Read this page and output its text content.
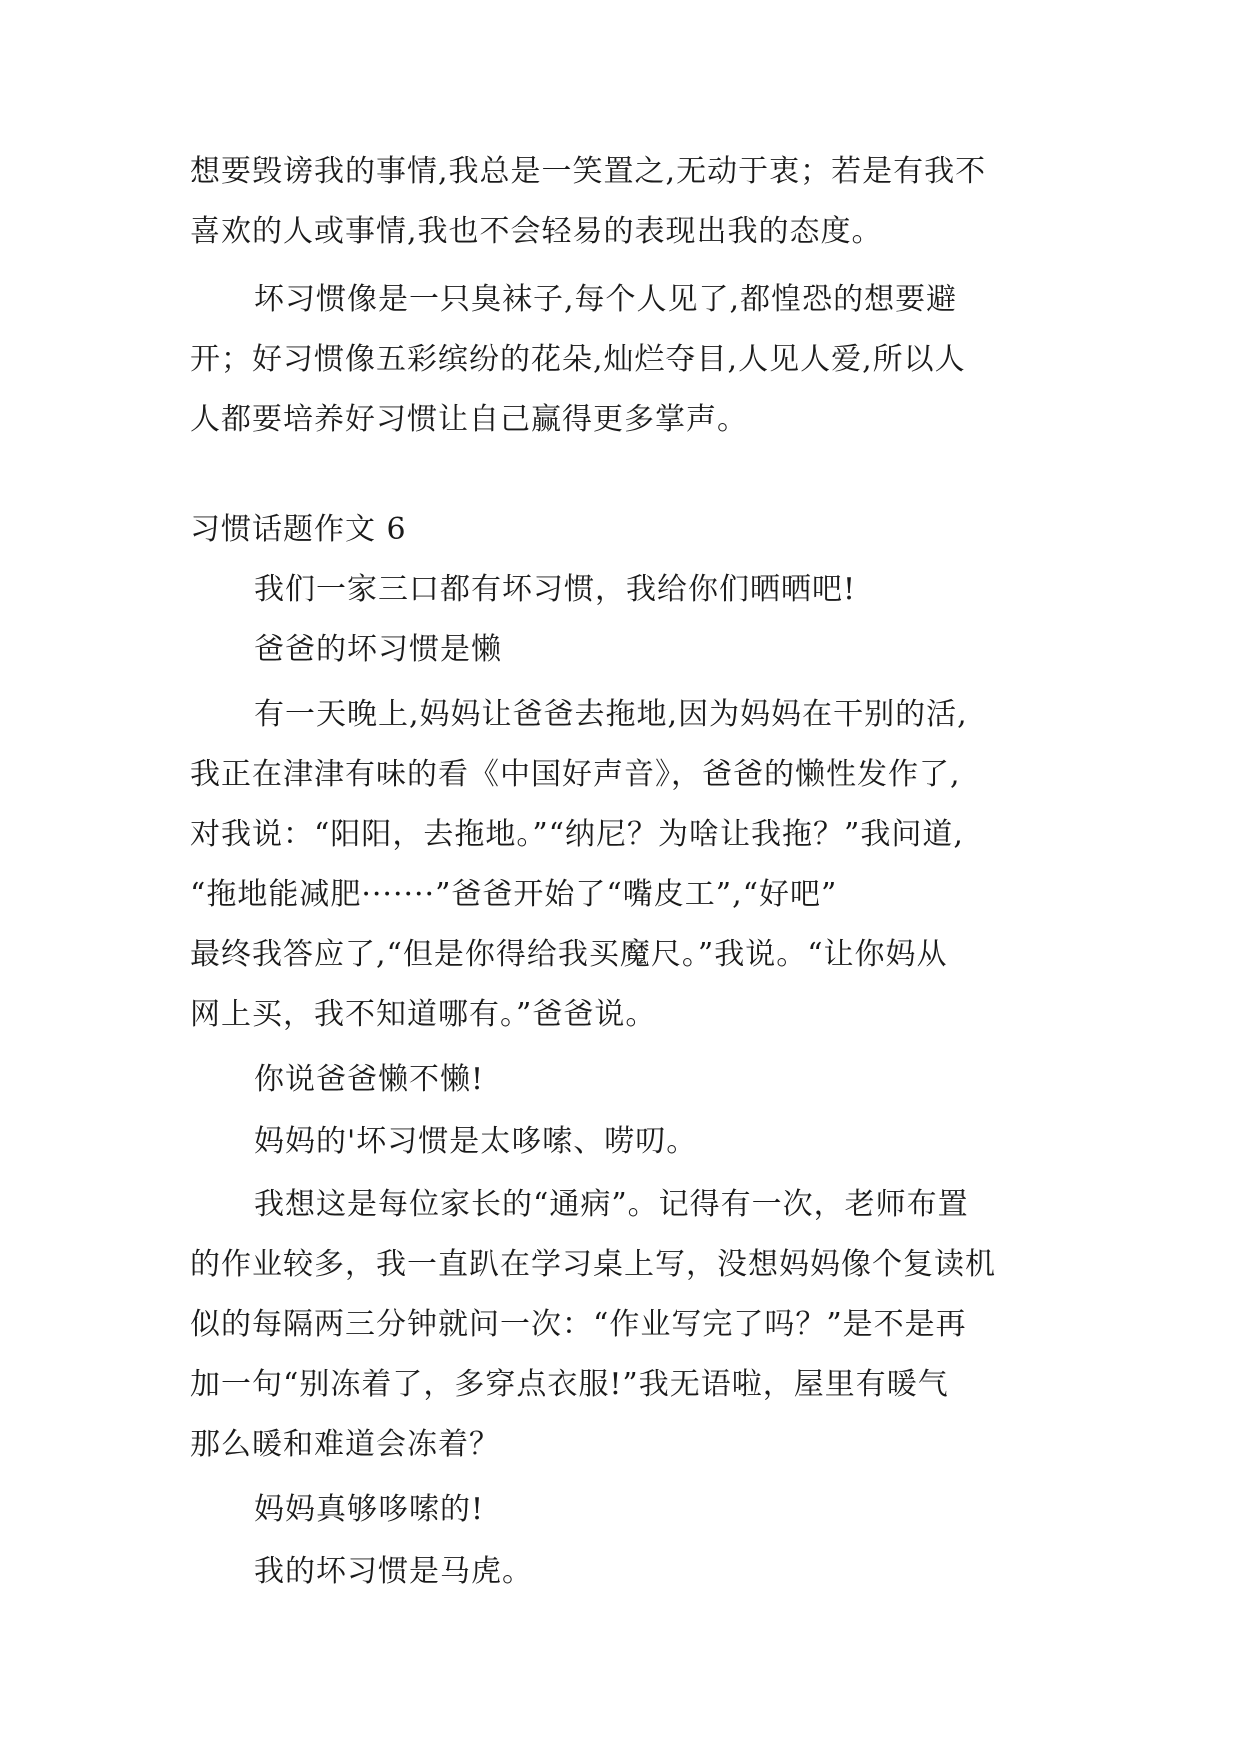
想要毁谤我的事情,我总是一笑置之,无动于衷；若是有我不
喜欢的人或事情,我也不会轻易的表现出我的态度。
坏习惯像是一只臭袜子,每个人见了,都惶恐的想要避
开；好习惯像五彩缤纷的花朵,灿烂夺目,人见人爱,所以人
人都要培养好习惯让自己赢得更多掌声。
习惯话题作文 6
我们一家三口都有坏习惯，我给你们晒晒吧!
爸爸的坏习惯是懒
有一天晚上,妈妈让爸爸去拖地,因为妈妈在干别的活,
我正在津津有味的看《中国好声音》，爸爸的懒性发作了,
对我说：“阳阳，去拖地。”“纳尼？为啥让我拖？”我问道,
“拖地能减肥·······”爸爸开始了“嘴皮工”,“好吧”
最终我答应了,“但是你得给我买魔尺。”我说。“让你妈从
网上买，我不知道哪有。”爸爸说。
你说爸爸懒不懒!
妈妈的'坏习惯是太哆嗦、唠叨。
我想这是每位家长的“通病”。记得有一次，老师布置
的作业较多，我一直趴在学习桌上写，没想妈妈像个复读机
似的每隔两三分钟就问一次：“作业写完了吗？”是不是再
加一句“别冻着了，多穿点衣服!”我无语啦，屋里有暖气
那么暖和难道会冻着？
妈妈真够哆嗦的!
我的坏习惯是马虎。
